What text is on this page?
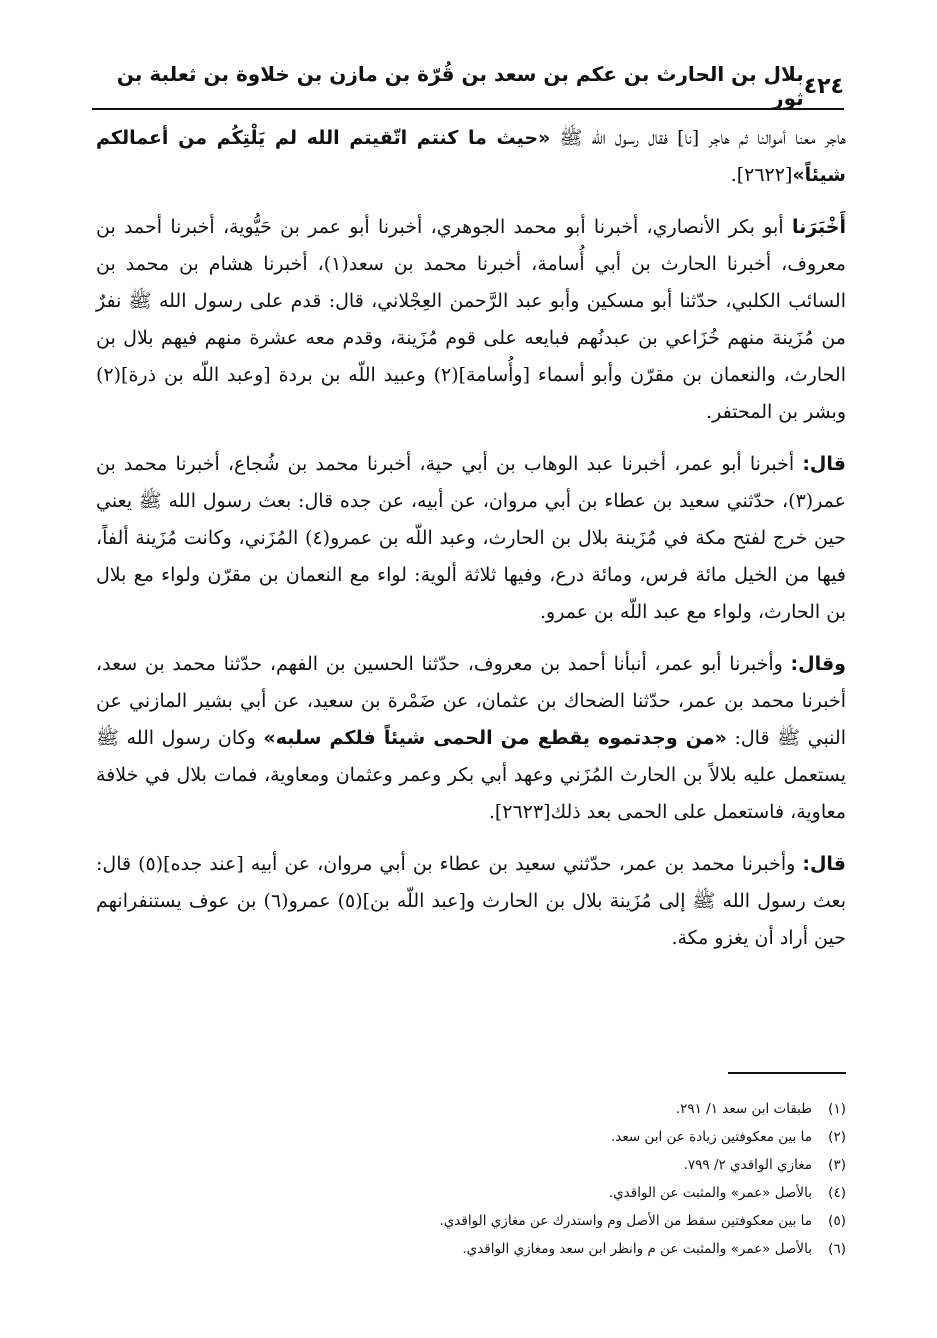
٤٢٤
بلال بن الحارث بن عكم بن سعد بن قُرّة بن مازن بن خلاوة بن ثعلبة بن ثور

هاجر معنا أموالنا ثم هاجر [نا] فقال رسول الله ﷺ «حيث ما كنتم اتّقيتم الله لم يَلْتِكُم من أعمالكم شيئاً»[٢٦٢٢].

أَخْبَرَنا أبو بكر الأنصاري، أخبرنا أبو محمد الجوهري، أخبرنا أبو عمر بن حَيُّوية، أخبرنا أحمد بن معروف، أخبرنا الحارث بن أبي أُسامة، أخبرنا محمد بن سعد(١)، أخبرنا هشام بن محمد بن السائب الكلبي، حدّثنا أبو مسكين وأبو عبد الرَّحمن العِجْلاني، قال: قدم على رسول الله ﷺ نفرٌ من مُزَينة منهم خُزَاعي بن عبدنُهم فبايعه على قوم مُزَينة، وقدم معه عشرة منهم فيهم بلال بن الحارث، والنعمان بن مقرّن وأبو أسماء [وأُسامة](٢) وعبيد اللّه بن بردة [وعبد اللّه بن ذرة](٢) وبشر بن المحتفر.

قال: أخبرنا أبو عمر، أخبرنا عبد الوهاب بن أبي حية، أخبرنا محمد بن شُجاع، أخبرنا محمد بن عمر(٣)، حدّثني سعيد بن عطاء بن أبي مروان، عن أبيه، عن جده قال: بعث رسول الله ﷺ يعني حين خرج لفتح مكة في مُزَينة بلال بن الحارث، وعبد اللّه بن عمرو(٤) المُزَني، وكانت مُزَينة ألفاً، فيها من الخيل مائة فرس، ومائة درع، وفيها ثلاثة ألوية: لواء مع النعمان بن مقرّن ولواء مع بلال بن الحارث، ولواء مع عبد اللّه بن عمرو.

وقال: وأخبرنا أبو عمر، أنبأنا أحمد بن معروف، حدّثنا الحسين بن الفهم، حدّثنا محمد بن سعد، أخبرنا محمد بن عمر، حدّثنا الضحاك بن عثمان، عن ضَمْرة بن سعيد، عن أبي بشير المازني عن النبي ﷺ قال: «من وجدتموه يقطع من الحمى شيئاً فلكم سلبه» وكان رسول الله ﷺ يستعمل عليه بلالاً بن الحارث المُزَني وعهد أبي بكر وعمر وعثمان ومعاوية، فمات بلال في خلافة معاوية، فاستعمل على الحمى بعد ذلك[٢٦٢٣].

قال: وأخبرنا محمد بن عمر، حدّثني سعيد بن عطاء بن أبي مروان، عن أبيه [عند جده](٥) قال: بعث رسول الله ﷺ إلى مُزَينة بلال بن الحارث و[عبد اللّه بن](٥) عمرو(٦) بن عوف يستنفرانهم حين أراد أن يغزو مكة.

(١)طبقات ابن سعد ١/ ٢٩١.
(٢)ما بين معكوفتين زيادة عن ابن سعد.
(٣)مغازي الواقدي ٢/ ٧٩٩.
(٤)بالأصل «عمر» والمثبت عن الواقدي.
(٥)ما بين معكوفتين سقط من الأصل وم واستدرك عن مغازي الواقدي.
(٦)بالأصل «عمر» والمثبت عن م وانظر ابن سعد ومغازي الواقدي.
